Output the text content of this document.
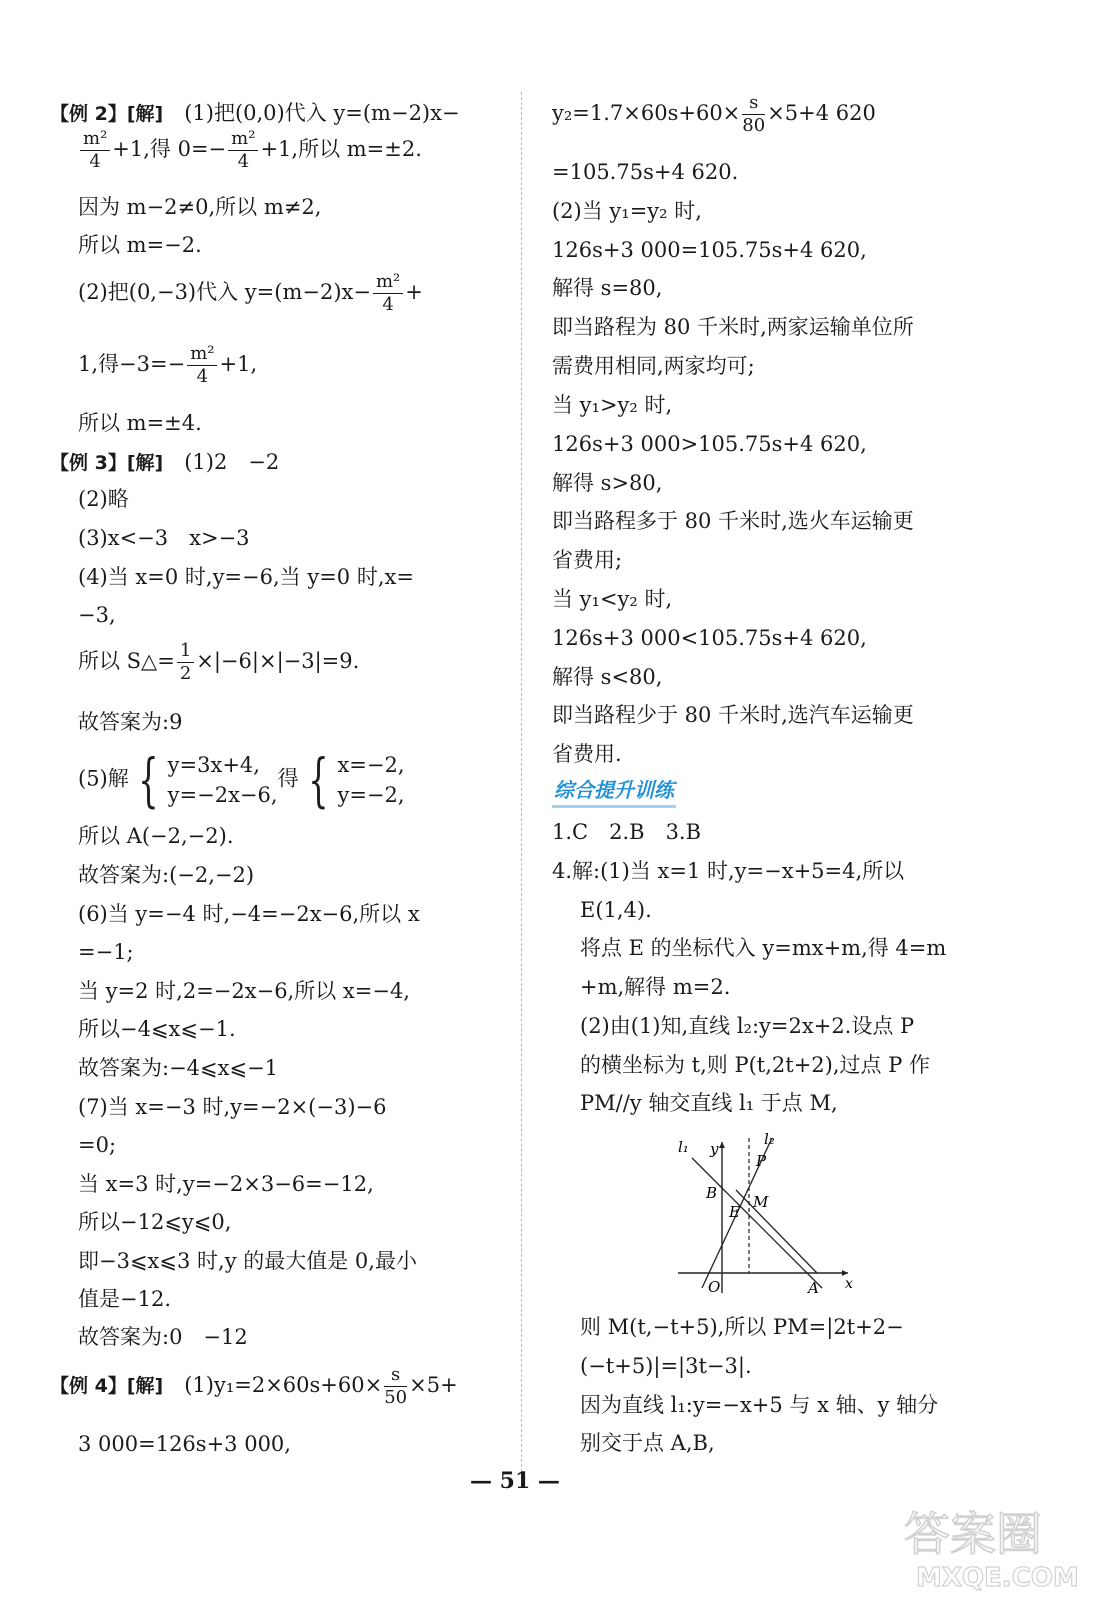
【例 2】[解]　 (1)把(0,0)代入 y=(m−2)x−
$\frac{\text{m²}}{4} +1$,得 $0=- \frac{\text{m²}}{4} +1$,所以 m=±2.
因为 m−2≠0,所以 m≠2,
所以 m=−2.
(2)把(0,−3)代入 $y=(m-2)x- \frac{\text{m²}}{4}$ +
1,得$-3=- \frac{\text{m²}}{4} +1$,
所以 m=±4.
【例 3】[解]　 (1)2　−2
(2)略
(3)x<−3　x>−3
(4)当 x=0 时,y=−6,当 y=0 时,x=
−3,
所以 S△= $\frac{1}{2} \times|-6|\times|-3|=9$.
故答案为:9
(5)解 { y=3x+4,
y=−2x−6,
得 { x=−2,
y=−2,
所以 A(−2,−2).
故答案为:(−2,−2)
(6)当 y=−4 时,−4=−2x−6,所以 x
=−1;
当 y=2 时,2=−2x−6,所以 x=−4,
所以−4⩽x⩽−1.
故答案为:−4⩽x⩽−1
(7)当 x=−3 时,y=−2×(−3)−6
=0;
当 x=3 时,y=−2×3−6=−12,
所以−12⩽y⩽0,
即−3⩽x⩽3 时,y 的最大值是 0,最小
值是−12.
故答案为:0　−12
【例 4】[解]　 $(1)y_1=2\times 60s+60\times \frac{s}{50} \times 5+$
3 000=126s+3 000,
$y_2=1.7\times 60s+60\times \frac{s}{80} \times 5+4$ 620
=105.75s+4 620.
(2)当 y₁=y₂ 时,
126s+3 000=105.75s+4 620,
解得 s=80,
即当路程为 80 千米时,两家运输单位所
需费用相同,两家均可;
当 y₁>y₂ 时,
126s+3 000>105.75s+4 620,
解得 s>80,
即当路程多于 80 千米时,选火车运输更
省费用;
当 y₁<y₂ 时,
126s+3 000<105.75s+4 620,
解得 s<80,
即当路程少于 80 千米时,选汽车运输更
省费用.
1.C　2.B　3.B
4.解:(1)当 x=1 时,y=−x+5=4,所以
E(1,4).
将点 E 的坐标代入 y=mx+m,得 4=m
+m,解得 m=2.
(2)由(1)知,直线 l₂:y=2x+2.设点 P
的横坐标为 t,则 P(t,2t+2),过点 P 作
PM//y 轴交直线 l₁ 于点 M,
l₁ y
l₂
P
B M
E
O	A x
则 M(t,−t+5),所以 PM=|2t+2−
(−t+5)|=|3t−3|.
因为直线 l₁:y=−x+5 与 x 轴、y 轴分
别交于点 A,B,
— 51 —
答案圈
MXQE.COM
综合提升训练
